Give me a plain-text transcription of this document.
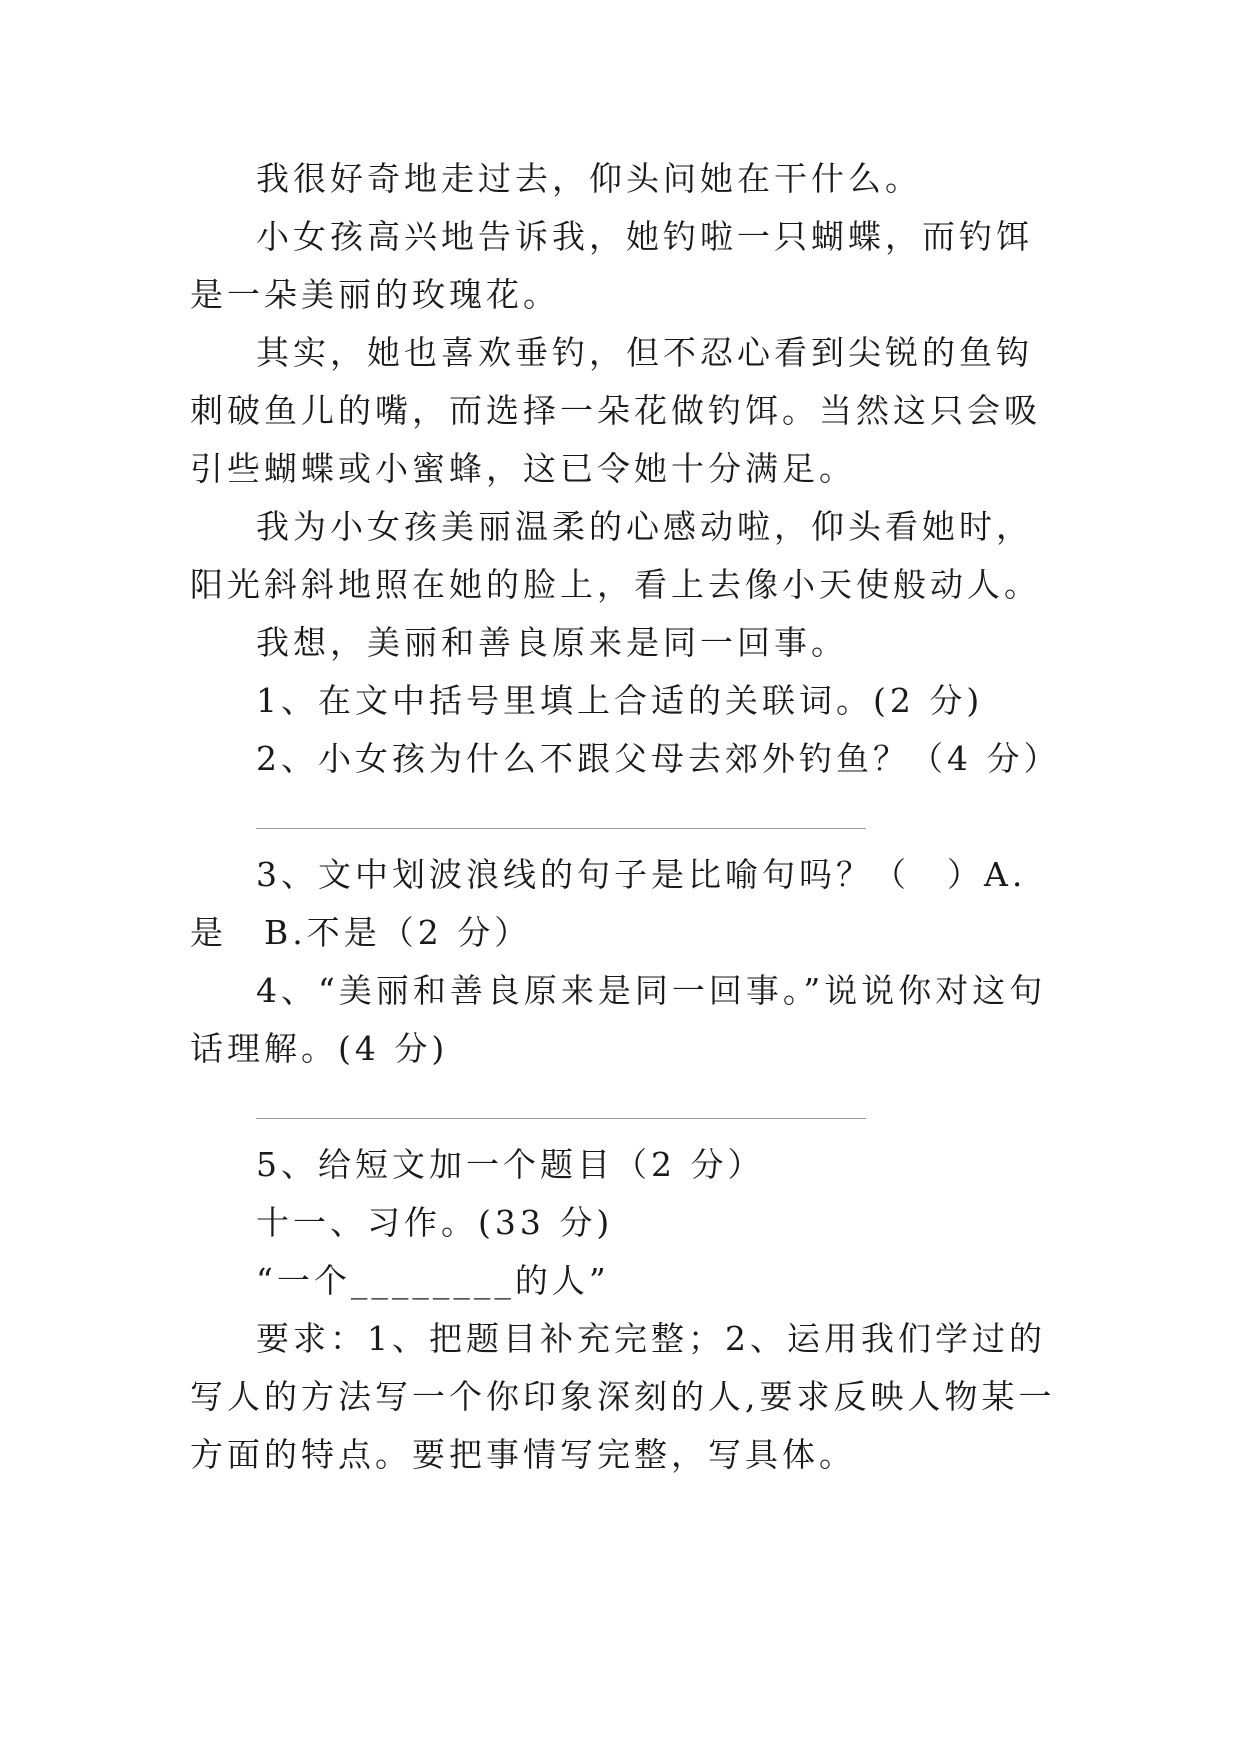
我很好奇地走过去，仰头问她在干什么。

小女孩高兴地告诉我，她钓啦一只蝴蝶，而钓饵是一朵美丽的玫瑰花。

其实，她也喜欢垂钓，但不忍心看到尖锐的鱼钩刺破鱼儿的嘴，而选择一朵花做钓饵。当然这只会吸引些蝴蝶或小蜜蜂，这已令她十分满足。

我为小女孩美丽温柔的心感动啦，仰头看她时，阳光斜斜地照在她的脸上，看上去像小天使般动人。

我想，美丽和善良原来是同一回事。

1、在文中括号里填上合适的关联词。(2 分)

2、小女孩为什么不跟父母去郊外钓鱼？（4 分）

3、文中划波浪线的句子是比喻句吗？（　）A.是　B.不是（2 分）

4、“美丽和善良原来是同一回事。”说说你对这句话理解。(4 分)

5、给短文加一个题目（2 分）

十一、习作。(33 分)

“一个________的人”

要求：1、把题目补充完整；2、运用我们学过的写人的方法写一个你印象深刻的人,要求反映人物某一方面的特点。要把事情写完整，写具体。
